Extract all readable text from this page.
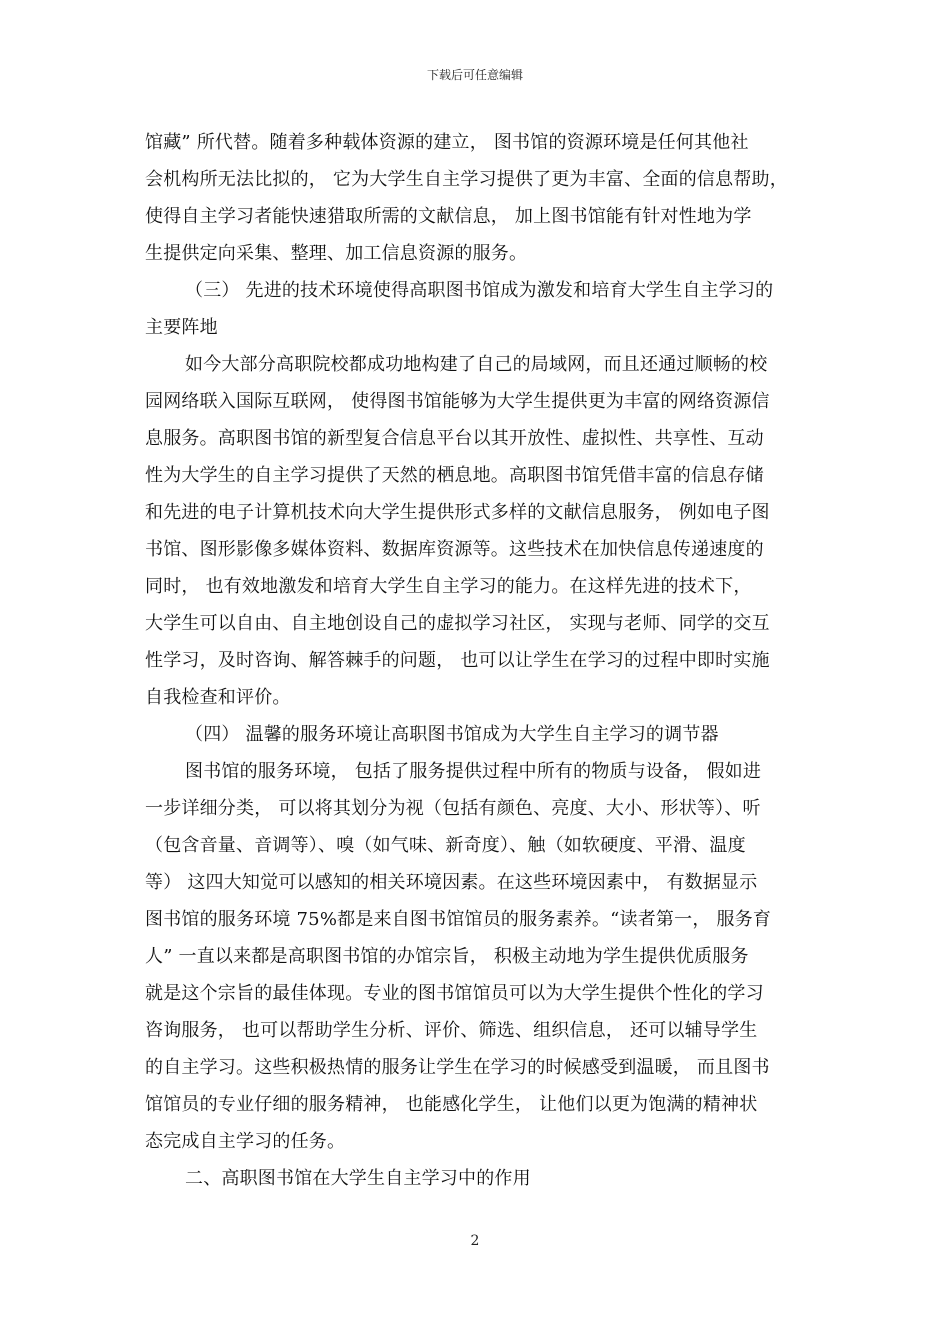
下载后可任意编辑
馆藏” 所代替。随着多种载体资源的建立， 图书馆的资源环境是任何其他社
会机构所无法比拟的， 它为大学生自主学习提供了更为丰富、全面的信息帮助，
使得自主学习者能快速猎取所需的文献信息， 加上图书馆能有针对性地为学
生提供定向采集、整理、加工信息资源的服务。
（三） 先进的技术环境使得高职图书馆成为激发和培育大学生自主学习的
主要阵地
如今大部分高职院校都成功地构建了自己的局域网，而且还通过顺畅的校
园网络联入国际互联网， 使得图书馆能够为大学生提供更为丰富的网络资源信
息服务。高职图书馆的新型复合信息平台以其开放性、虚拟性、共享性、互动
性为大学生的自主学习提供了天然的栖息地。高职图书馆凭借丰富的信息存储
和先进的电子计算机技术向大学生提供形式多样的文献信息服务， 例如电子图
书馆、图形影像多媒体资料、数据库资源等。这些技术在加快信息传递速度的
同时， 也有效地激发和培育大学生自主学习的能力。在这样先进的技术下，
大学生可以自由、自主地创设自己的虚拟学习社区， 实现与老师、同学的交互
性学习，及时咨询、解答棘手的问题， 也可以让学生在学习的过程中即时实施
自我检查和评价。
（四） 温馨的服务环境让高职图书馆成为大学生自主学习的调节器
图书馆的服务环境， 包括了服务提供过程中所有的物质与设备， 假如进
一步详细分类， 可以将其划分为视（包括有颜色、亮度、大小、形状等）、听
（包含音量、音调等）、嗅（如气味、新奇度）、触（如软硬度、平滑、温度
等） 这四大知觉可以感知的相关环境因素。在这些环境因素中， 有数据显示
图书馆的服务环境 75%都是来自图书馆馆员的服务素养。“读者第一， 服务育
人” 一直以来都是高职图书馆的办馆宗旨， 积极主动地为学生提供优质服务
就是这个宗旨的最佳体现。专业的图书馆馆员可以为大学生提供个性化的学习
咨询服务， 也可以帮助学生分析、评价、筛选、组织信息， 还可以辅导学生
的自主学习。这些积极热情的服务让学生在学习的时候感受到温暖， 而且图书
馆馆员的专业仔细的服务精神， 也能感化学生， 让他们以更为饱满的精神状
态完成自主学习的任务。
二、高职图书馆在大学生自主学习中的作用
2
